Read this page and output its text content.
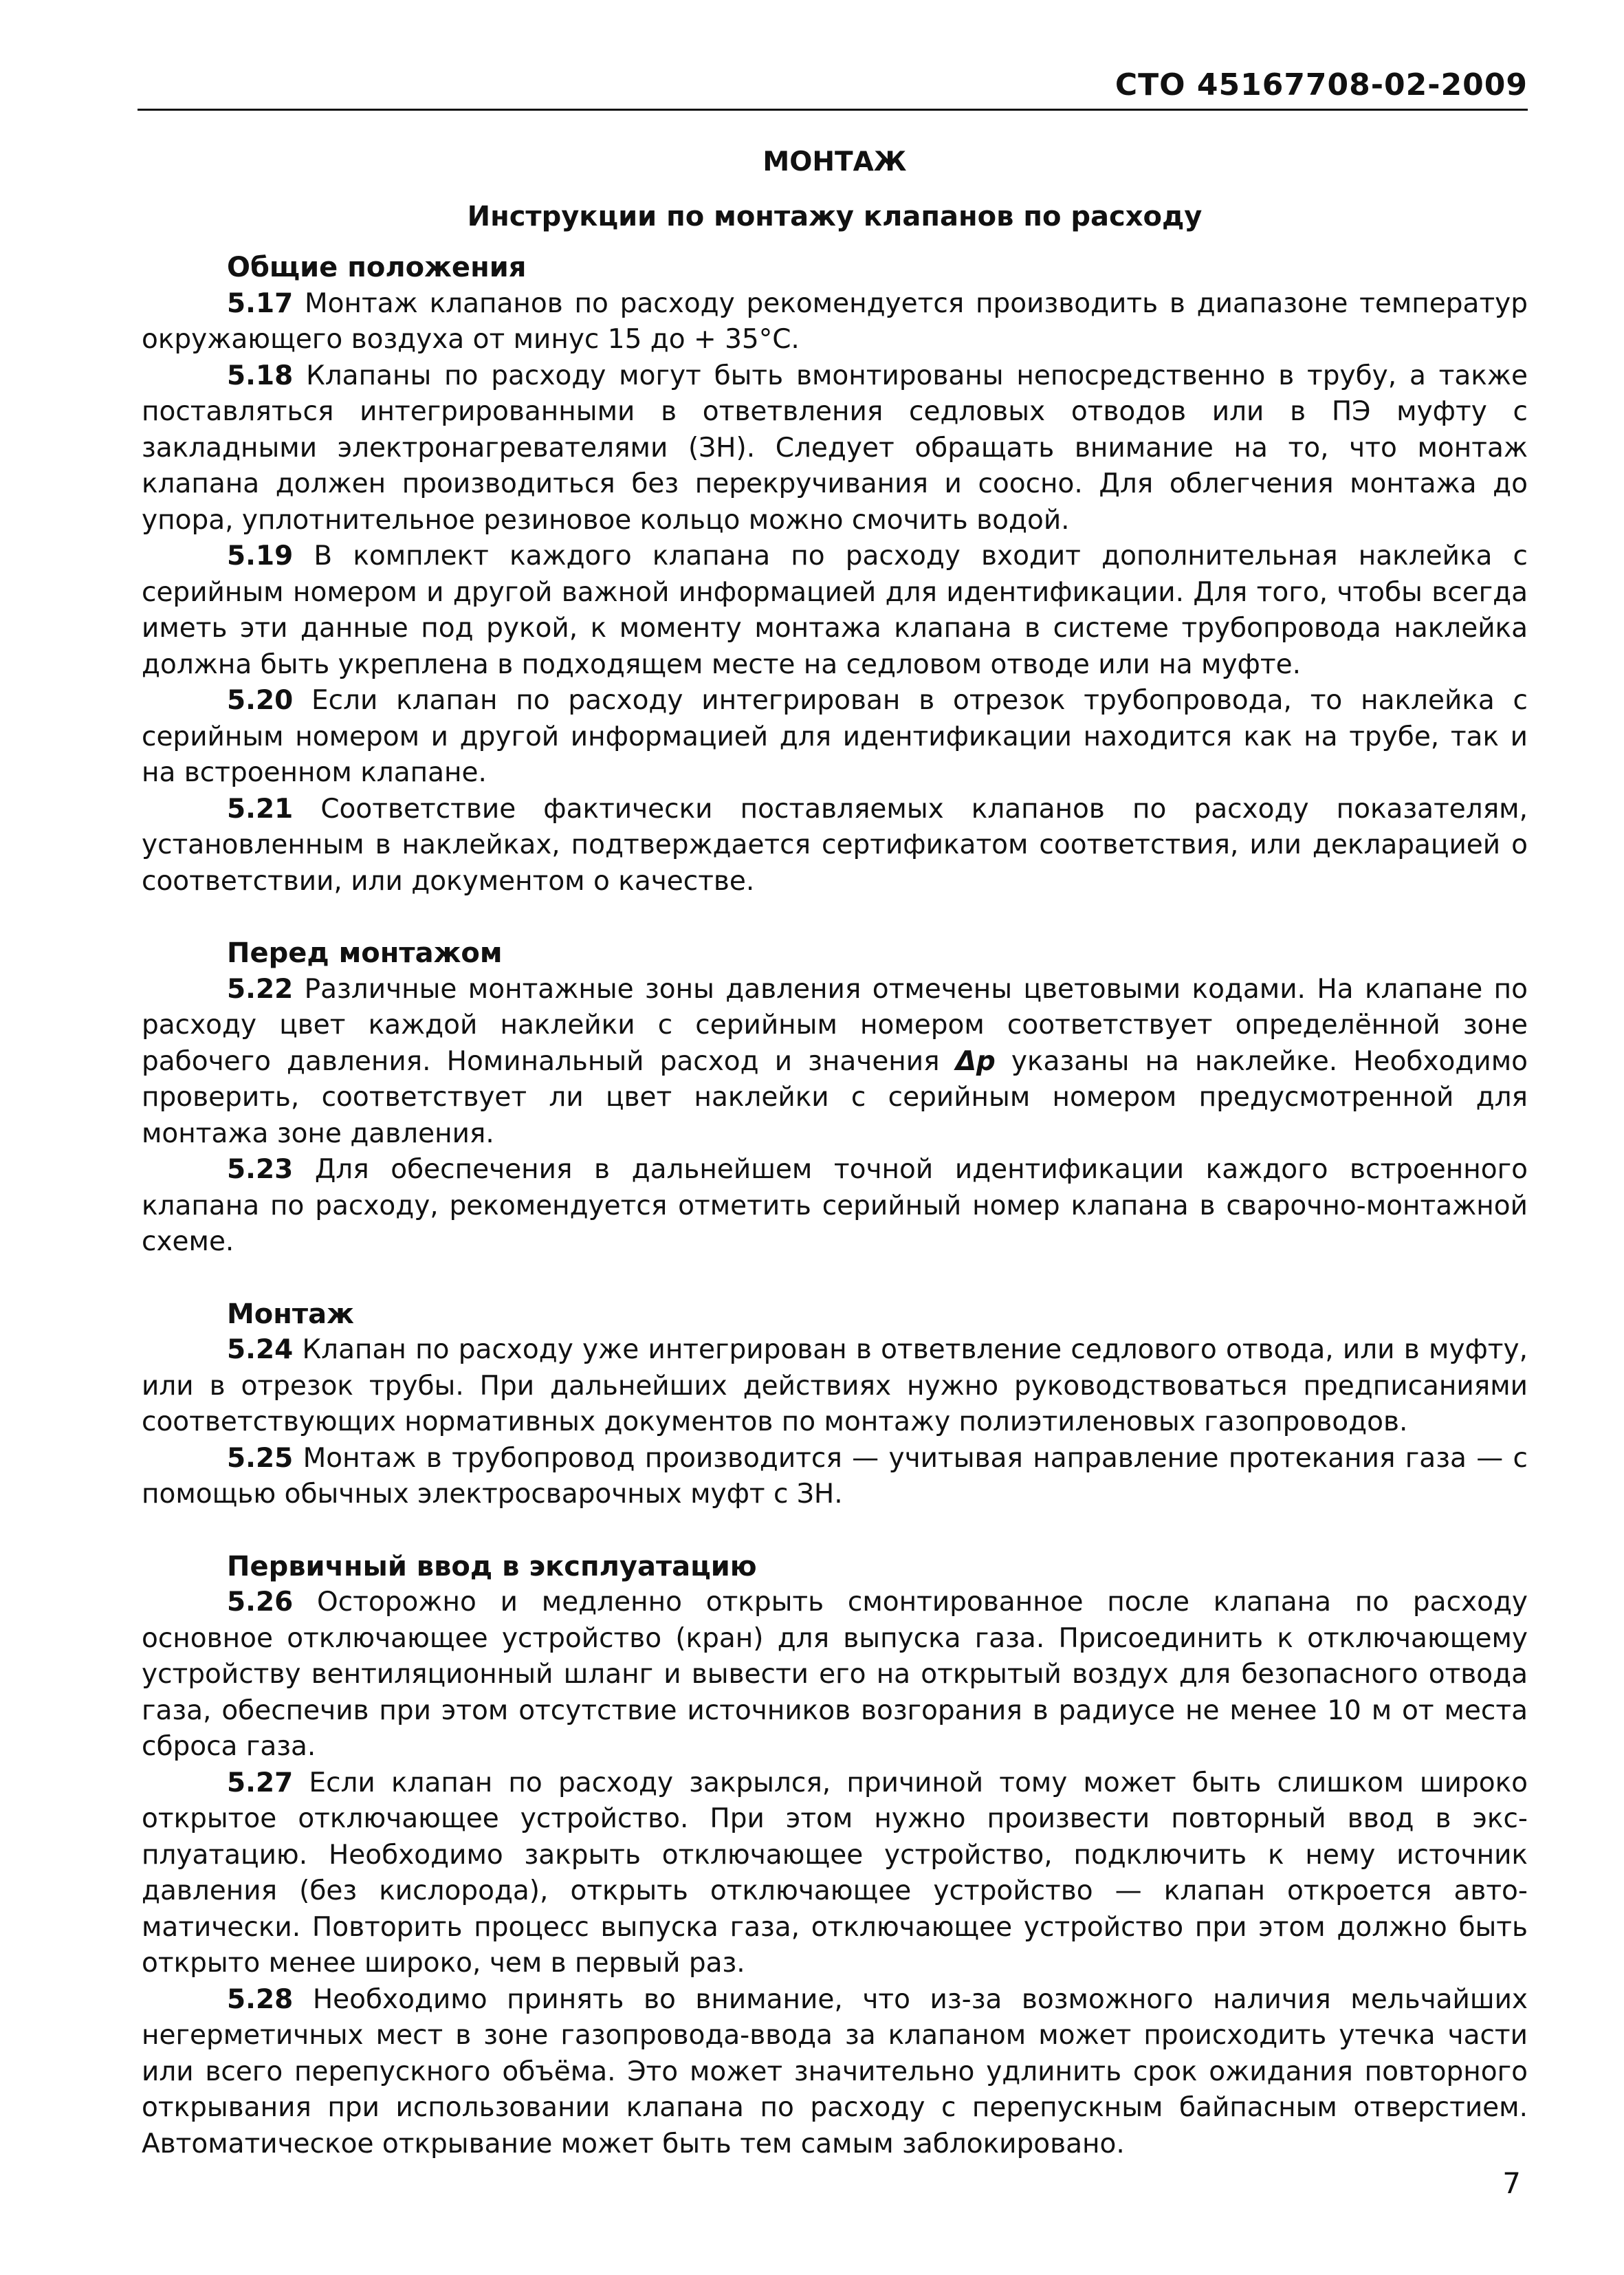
СТО 45167708-02-2009

МОНТАЖ

Инструкции по монтажу клапанов по расходу

Общие положения

5.17 Монтаж клапанов по расходу рекомендуется производить в диапазоне температур окружающего воздуха от минус 15 до + 35°С.

5.18 Клапаны по расходу могут быть вмонтированы непосредственно в трубу, а также поставляться интегрированными в ответвления седловых отводов или в ПЭ муфту с закладными электронагревателями (ЗН). Следует обращать внимание на то, что монтаж клапана должен производиться без перекручивания и соосно. Для облегчения монтажа до упора, уплотнительное резиновое кольцо можно смочить водой.

5.19 В комплект каждого клапана по расходу входит дополнительная наклейка с серийным номером и другой важной информацией для идентификации. Для того, чтобы всегда иметь эти данные под рукой, к моменту монтажа клапана в системе трубопровода наклейка должна быть укреплена в подходящем месте на седловом отводе или на муфте.

5.20 Если клапан по расходу интегрирован в отрезок трубопровода, то наклейка с серийным номером и другой информацией для идентификации находится как на трубе, так и на встроенном клапане.

5.21 Соответствие фактически поставляемых клапанов по расходу показателям, установленным в наклейках, подтверждается сертификатом соответствия, или декларацией о соответствии, или документом о качестве.

Перед монтажом

5.22 Различные монтажные зоны давления отмечены цветовыми кодами. На клапане по расходу цвет каждой наклейки с серийным номером соответствует определённой зоне рабочего давления. Номинальный расход и значения Δp указаны на наклейке. Необходимо проверить, соответствует ли цвет наклейки с серийным номером предусмотренной для монтажа зоне давления.

5.23 Для обеспечения в дальнейшем точной идентификации каждого встроенного клапана по расходу, рекомендуется отметить серийный номер клапана в сварочно-монтажной схеме.

Монтаж

5.24 Клапан по расходу уже интегрирован в ответвление седлового отвода, или в муфту, или в отрезок трубы. При дальнейших действиях нужно руководствоваться предписаниями соответствующих нормативных документов по монтажу полиэтиленовых газопроводов.

5.25 Монтаж в трубопровод производится — учитывая направление протекания газа — с помощью обычных электросварочных муфт с ЗН.

Первичный ввод в эксплуатацию

5.26 Осторожно и медленно открыть смонтированное после клапана по расходу основное отключающее устройство (кран) для выпуска газа. Присоединить к отключающему устройству вентиляционный шланг и вывести его на открытый воздух для безопасного отвода газа, обеспечив при этом отсутствие источников возгорания в радиусе не менее 10 м от места сброса газа.

5.27 Если клапан по расходу закрылся, причиной тому может быть слишком широко открытое отключающее устройство. При этом нужно произвести повторный ввод в эксплуатацию. Необходимо закрыть отключающее устройство, подключить к нему источник давления (без кислорода), открыть отключающее устройство — клапан откроется автоматически. Повторить процесс выпуска газа, отключающее устройство при этом должно быть открыто менее широко, чем в первый раз.

5.28 Необходимо принять во внимание, что из-за возможного наличия мельчайших негерметичных мест в зоне газопровода-ввода за клапаном может происходить утечка части или всего перепускного объёма. Это может значительно удлинить срок ожидания повторного открывания при использовании клапана по расходу с перепускным байпасным отверстием. Автоматическое открывание может быть тем самым заблокировано.

7
